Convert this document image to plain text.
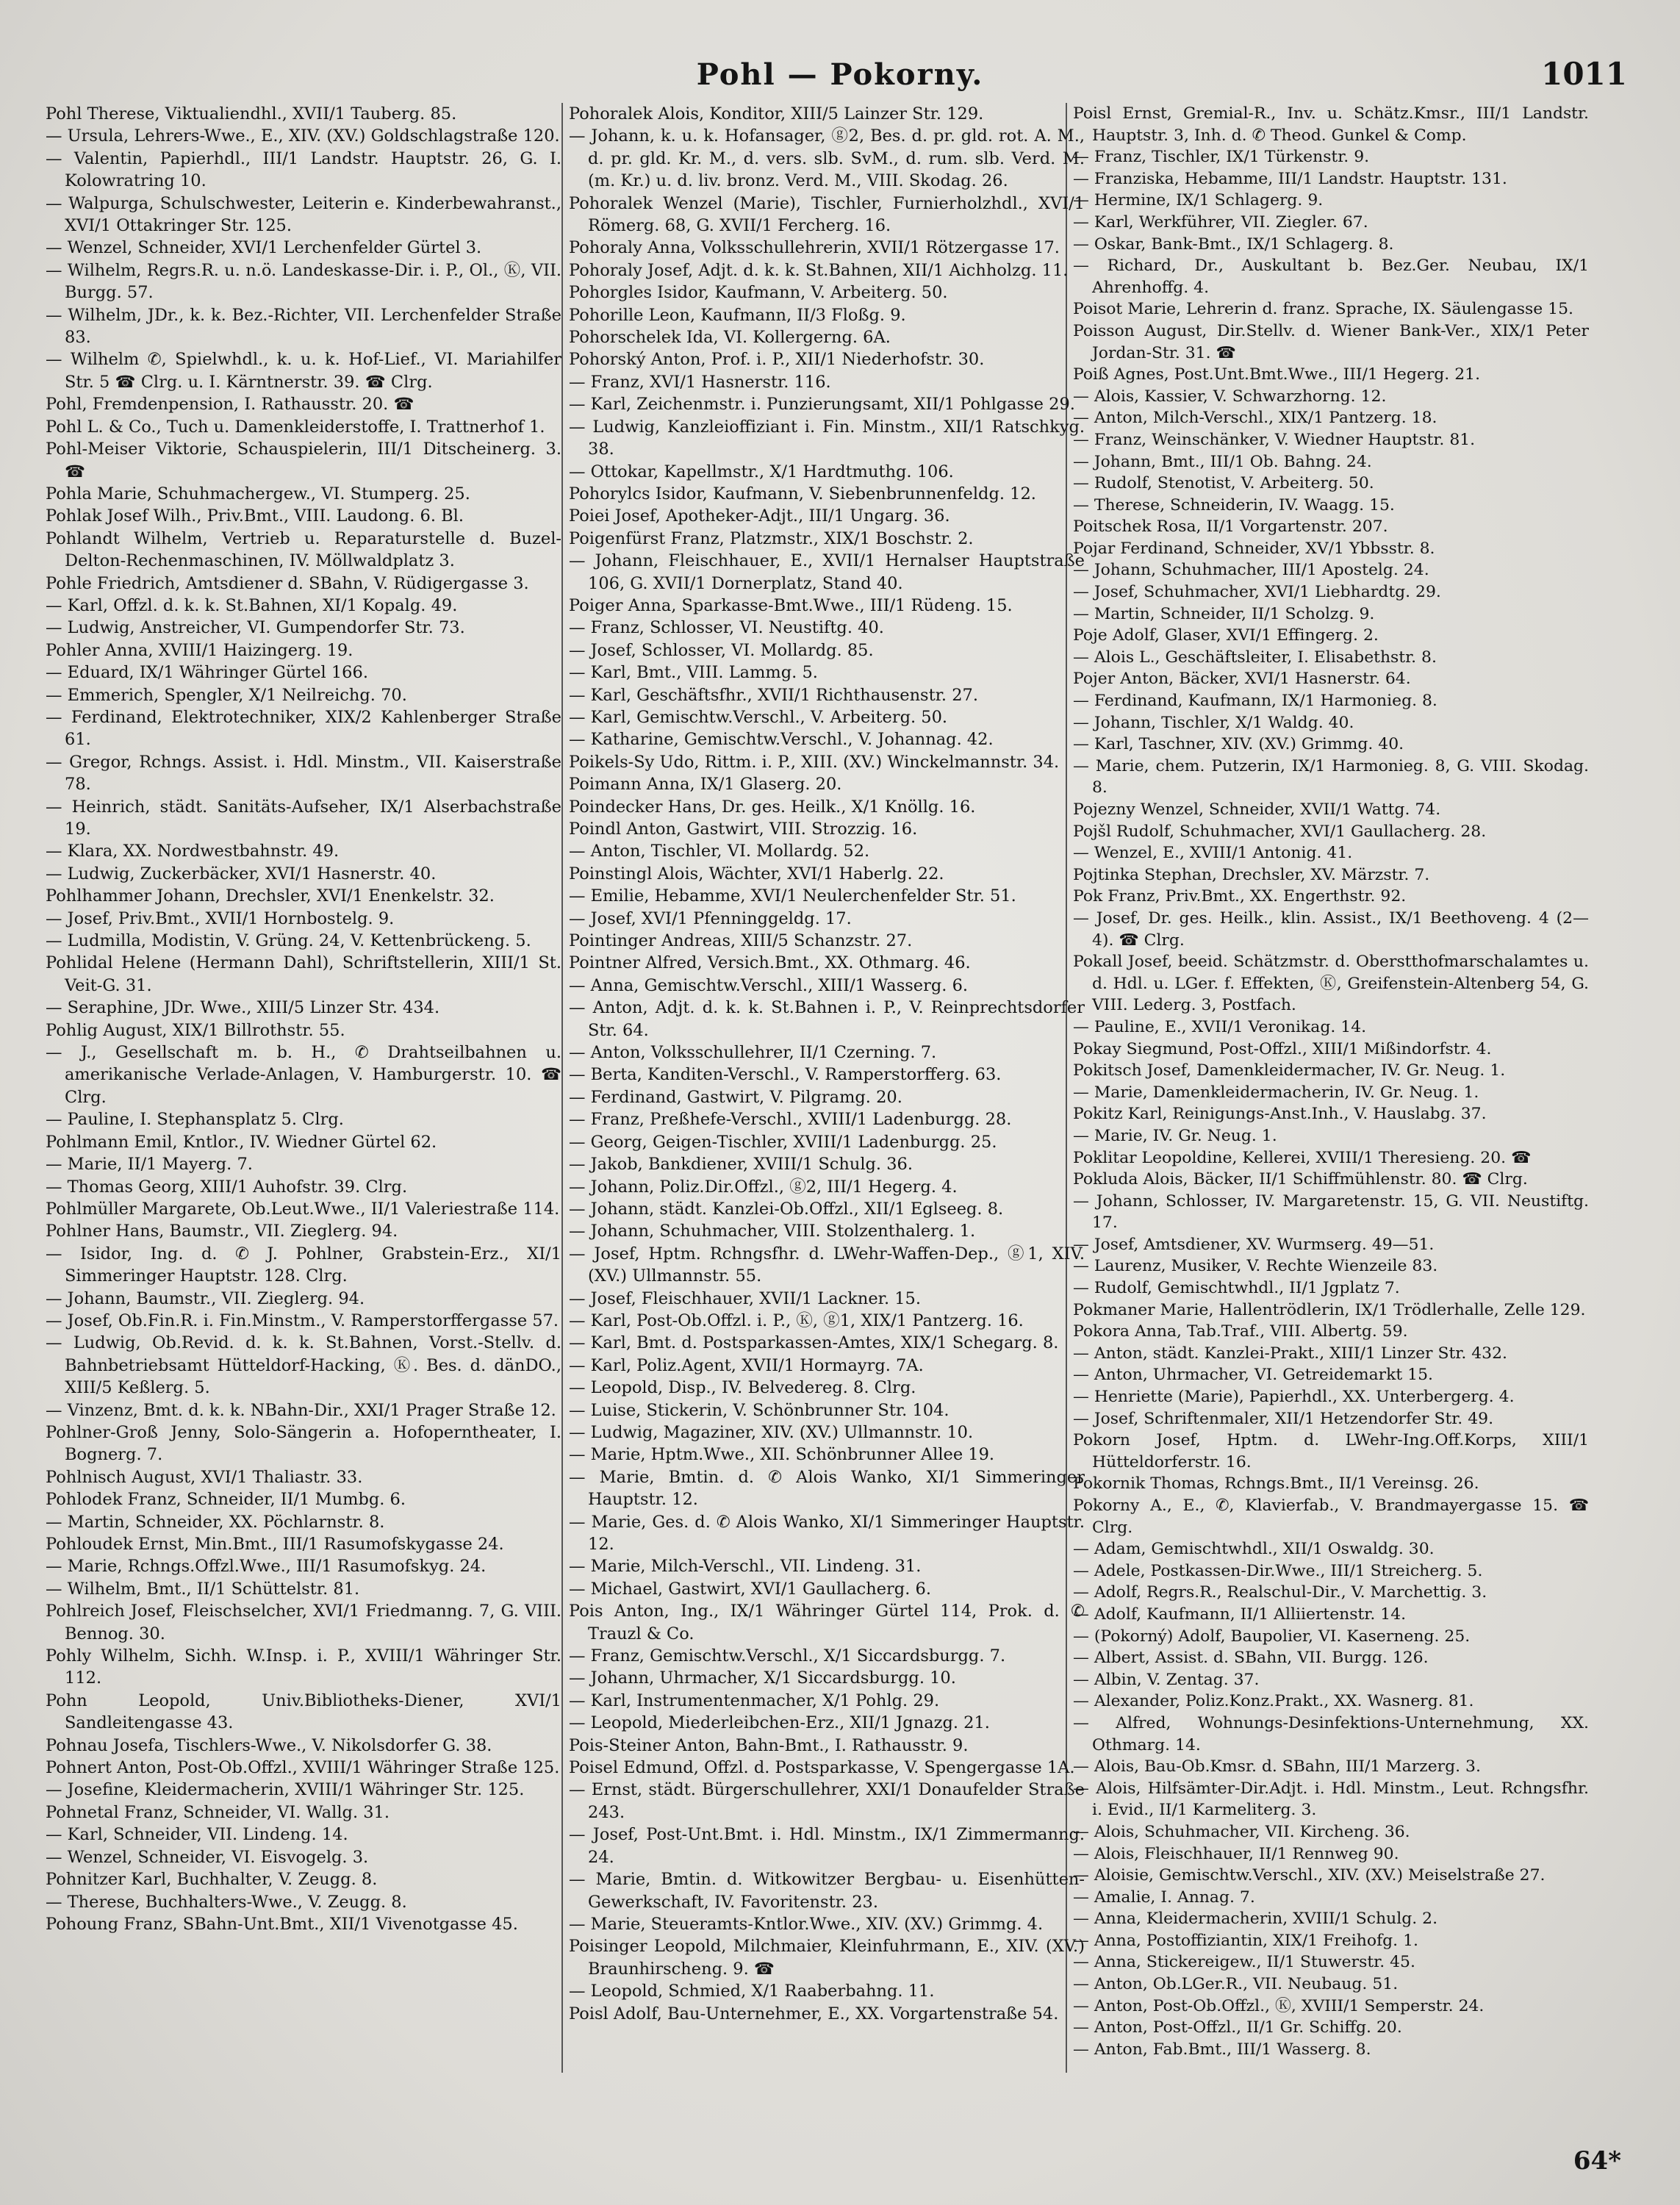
Pohl — Pokorny.	1011

Pohl Therese, Viktualiendhl., XVII/1 Tauberg. 85.

— Ursula, Lehrers-Wwe., E., XIV. (XV.) Goldschlagstraße 120.

— Valentin, Papierhdl., III/1 Landstr. Hauptstr. 26, G. I. Kolowratring 10.

— Walpurga, Schulschwester, Leiterin e. Kinderbewahranst., XVI/1 Ottakringer Str. 125.

— Wenzel, Schneider, XVI/1 Lerchenfelder Gürtel 3.

— Wilhelm, Regrs.R. u. n.ö. Landeskasse-Dir. i. P., Ol., Ⓚ, VII. Burgg. 57.

— Wilhelm, JDr., k. k. Bez.-Richter, VII. Lerchenfelder Straße 83.

— Wilhelm ✆, Spielwhdl., k. u. k. Hof-Lief., VI. Mariahilfer Str. 5 ☎ Clrg. u. I. Kärntnerstr. 39. ☎ Clrg.

Pohl, Fremdenpension, I. Rathausstr. 20. ☎

Pohl L. & Co., Tuch u. Damenkleiderstoffe, I. Trattnerhof 1.

Pohl-Meiser Viktorie, Schauspielerin, III/1 Ditscheinerg. 3. ☎

Pohla Marie, Schuhmachergew., VI. Stumperg. 25.

Pohlak Josef Wilh., Priv.Bmt., VIII. Laudong. 6. Bl.

Pohlandt Wilhelm, Vertrieb u. Reparaturstelle d. Buzel-Delton-Rechenmaschinen, IV. Möllwaldplatz 3.

Pohle Friedrich, Amtsdiener d. SBahn, V. Rüdigergasse 3.

— Karl, Offzl. d. k. k. St.Bahnen, XI/1 Kopalg. 49.

— Ludwig, Anstreicher, VI. Gumpendorfer Str. 73.

Pohler Anna, XVIII/1 Haizingerg. 19.

— Eduard, IX/1 Währinger Gürtel 166.

— Emmerich, Spengler, X/1 Neilreichg. 70.

— Ferdinand, Elektrotechniker, XIX/2 Kahlenberger Straße 61.

— Gregor, Rchngs. Assist. i. Hdl. Minstm., VII. Kaiserstraße 78.

— Heinrich, städt. Sanitäts-Aufseher, IX/1 Alserbachstraße 19.

— Klara, XX. Nordwestbahnstr. 49.

— Ludwig, Zuckerbäcker, XVI/1 Hasnerstr. 40.

Pohlhammer Johann, Drechsler, XVI/1 Enenkelstr. 32.

— Josef, Priv.Bmt., XVII/1 Hornbostelg. 9.

— Ludmilla, Modistin, V. Grüng. 24, V. Kettenbrückeng. 5.

Pohlidal Helene (Hermann Dahl), Schriftstellerin, XIII/1 St. Veit-G. 31.

— Seraphine, JDr. Wwe., XIII/5 Linzer Str. 434.

Pohlig August, XIX/1 Billrothstr. 55.

— J., Gesellschaft m. b. H., ✆ Drahtseilbahnen u. amerikanische Verlade-Anlagen, V. Hamburgerstr. 10. ☎ Clrg.

— Pauline, I. Stephansplatz 5. Clrg.

Pohlmann Emil, Kntlor., IV. Wiedner Gürtel 62.

— Marie, II/1 Mayerg. 7.

— Thomas Georg, XIII/1 Auhofstr. 39. Clrg.

Pohlmüller Margarete, Ob.Leut.Wwe., II/1 Valeriestraße 114.

Pohlner Hans, Baumstr., VII. Zieglerg. 94.

— Isidor, Ing. d. ✆ J. Pohlner, Grabstein-Erz., XI/1 Simmeringer Hauptstr. 128. Clrg.

— Johann, Baumstr., VII. Zieglerg. 94.

— Josef, Ob.Fin.R. i. Fin.Minstm., V. Ramperstorffergasse 57.

— Ludwig, Ob.Revid. d. k. k. St.Bahnen, Vorst.-Stellv. d. Bahnbetriebsamt Hütteldorf-Hacking, Ⓚ. Bes. d. dänDO., XIII/5 Keßlerg. 5.

— Vinzenz, Bmt. d. k. k. NBahn-Dir., XXI/1 Prager Straße 12.

Pohlner-Groß Jenny, Solo-Sängerin a. Hofoperntheater, I. Bognerg. 7.

Pohlnisch August, XVI/1 Thaliastr. 33.

Pohlodek Franz, Schneider, II/1 Mumbg. 6.

— Martin, Schneider, XX. Pöchlarnstr. 8.

Pohloudek Ernst, Min.Bmt., III/1 Rasumofskygasse 24.

— Marie, Rchngs.Offzl.Wwe., III/1 Rasumofskyg. 24.

— Wilhelm, Bmt., II/1 Schüttelstr. 81.

Pohlreich Josef, Fleischselcher, XVI/1 Friedmanng. 7, G. VIII. Bennog. 30.

Pohly Wilhelm, Sichh. W.Insp. i. P., XVIII/1 Währinger Str. 112.

Pohn Leopold, Univ.Bibliotheks-Diener, XVI/1 Sandleitengasse 43.

Pohnau Josefa, Tischlers-Wwe., V. Nikolsdorfer G. 38.

Pohnert Anton, Post-Ob.Offzl., XVIII/1 Währinger Straße 125.

— Josefine, Kleidermacherin, XVIII/1 Währinger Str. 125.

Pohnetal Franz, Schneider, VI. Wallg. 31.

— Karl, Schneider, VII. Lindeng. 14.

— Wenzel, Schneider, VI. Eisvogelg. 3.

Pohnitzer Karl, Buchhalter, V. Zeugg. 8.

— Therese, Buchhalters-Wwe., V. Zeugg. 8.

Pohoung Franz, SBahn-Unt.Bmt., XII/1 Vivenotgasse 45.

Pohoralek Alois, Konditor, XIII/5 Lainzer Str. 129.

— Johann, k. u. k. Hofansager, ⓖ2, Bes. d. pr. gld. rot. A. M., d. pr. gld. Kr. M., d. vers. slb. SvM., d. rum. slb. Verd. M. (m. Kr.) u. d. liv. bronz. Verd. M., VIII. Skodag. 26.

Pohoralek Wenzel (Marie), Tischler, Furnierholzhdl., XVI/1 Römerg. 68, G. XVII/1 Fercherg. 16.

Pohoraly Anna, Volksschullehrerin, XVII/1 Rötzergasse 17.

Pohoraly Josef, Adjt. d. k. k. St.Bahnen, XII/1 Aichholzg. 11.

Pohorgles Isidor, Kaufmann, V. Arbeiterg. 50.

Pohorille Leon, Kaufmann, II/3 Floßg. 9.

Pohorschelek Ida, VI. Kollergerng. 6A.

Pohorský Anton, Prof. i. P., XII/1 Niederhofstr. 30.

— Franz, XVI/1 Hasnerstr. 116.

— Karl, Zeichenmstr. i. Punzierungsamt, XII/1 Pohlgasse 29.

— Ludwig, Kanzleioffiziant i. Fin. Minstm., XII/1 Ratschkyg. 38.

— Ottokar, Kapellmstr., X/1 Hardtmuthg. 106.

Pohorylcs Isidor, Kaufmann, V. Siebenbrunnenfeldg. 12.

Poiei Josef, Apotheker-Adjt., III/1 Ungarg. 36.

Poigenfürst Franz, Platzmstr., XIX/1 Boschstr. 2.

— Johann, Fleischhauer, E., XVII/1 Hernalser Hauptstraße 106, G. XVII/1 Dornerplatz, Stand 40.

Poiger Anna, Sparkasse-Bmt.Wwe., III/1 Rüdeng. 15.

— Franz, Schlosser, VI. Neustiftg. 40.

— Josef, Schlosser, VI. Mollardg. 85.

— Karl, Bmt., VIII. Lammg. 5.

— Karl, Geschäftsfhr., XVII/1 Richthausenstr. 27.

— Karl, Gemischtw.Verschl., V. Arbeiterg. 50.

— Katharine, Gemischtw.Verschl., V. Johannag. 42.

Poikels-Sy Udo, Rittm. i. P., XIII. (XV.) Winckelmannstr. 34.

Poimann Anna, IX/1 Glaserg. 20.

Poindecker Hans, Dr. ges. Heilk., X/1 Knöllg. 16.

Poindl Anton, Gastwirt, VIII. Strozzig. 16.

— Anton, Tischler, VI. Mollardg. 52.

Poinstingl Alois, Wächter, XVI/1 Haberlg. 22.

— Emilie, Hebamme, XVI/1 Neulerchenfelder Str. 51.

— Josef, XVI/1 Pfenninggeldg. 17.

Pointinger Andreas, XIII/5 Schanzstr. 27.

Pointner Alfred, Versich.Bmt., XX. Othmarg. 46.

— Anna, Gemischtw.Verschl., XIII/1 Wasserg. 6.

— Anton, Adjt. d. k. k. St.Bahnen i. P., V. Reinprechtsdorfer Str. 64.

— Anton, Volksschullehrer, II/1 Czerning. 7.

— Berta, Kanditen-Verschl., V. Ramperstorfferg. 63.

— Ferdinand, Gastwirt, V. Pilgramg. 20.

— Franz, Preßhefe-Verschl., XVIII/1 Ladenburgg. 28.

— Georg, Geigen-Tischler, XVIII/1 Ladenburgg. 25.

— Jakob, Bankdiener, XVIII/1 Schulg. 36.

— Johann, Poliz.Dir.Offzl., ⓖ2, III/1 Hegerg. 4.

— Johann, städt. Kanzlei-Ob.Offzl., XII/1 Eglseeg. 8.

— Johann, Schuhmacher, VIII. Stolzenthalerg. 1.

— Josef, Hptm. Rchngsfhr. d. LWehr-Waffen-Dep., ⓖ1, XIV. (XV.) Ullmannstr. 55.

— Josef, Fleischhauer, XVII/1 Lackner. 15.

— Karl, Post-Ob.Offzl. i. P., Ⓚ, ⓖ1, XIX/1 Pantzerg. 16.

— Karl, Bmt. d. Postsparkassen-Amtes, XIX/1 Schegarg. 8.

— Karl, Poliz.Agent, XVII/1 Hormayrg. 7A.

— Leopold, Disp., IV. Belvedereg. 8. Clrg.

— Luise, Stickerin, V. Schönbrunner Str. 104.

— Ludwig, Magaziner, XIV. (XV.) Ullmannstr. 10.

— Marie, Hptm.Wwe., XII. Schönbrunner Allee 19.

— Marie, Bmtin. d. ✆ Alois Wanko, XI/1 Simmeringer Hauptstr. 12.

— Marie, Ges. d. ✆ Alois Wanko, XI/1 Simmeringer Hauptstr. 12.

— Marie, Milch-Verschl., VII. Lindeng. 31.

— Michael, Gastwirt, XVI/1 Gaullacherg. 6.

Pois Anton, Ing., IX/1 Währinger Gürtel 114, Prok. d. ✆ Trauzl & Co.

— Franz, Gemischtw.Verschl., X/1 Siccardsburgg. 7.

— Johann, Uhrmacher, X/1 Siccardsburgg. 10.

— Karl, Instrumentenmacher, X/1 Pohlg. 29.

— Leopold, Miederleibchen-Erz., XII/1 Jgnazg. 21.

Pois-Steiner Anton, Bahn-Bmt., I. Rathausstr. 9.

Poisel Edmund, Offzl. d. Postsparkasse, V. Spengergasse 1A.

— Ernst, städt. Bürgerschullehrer, XXI/1 Donaufelder Straße 243.

— Josef, Post-Unt.Bmt. i. Hdl. Minstm., IX/1 Zimmermanng. 24.

— Marie, Bmtin. d. Witkowitzer Bergbau- u. Eisenhütten-Gewerkschaft, IV. Favoritenstr. 23.

— Marie, Steueramts-Kntlor.Wwe., XIV. (XV.) Grimmg. 4.

Poisinger Leopold, Milchmaier, Kleinfuhrmann, E., XIV. (XV.) Braunhirscheng. 9. ☎

— Leopold, Schmied, X/1 Raaberbahng. 11.

Poisl Adolf, Bau-Unternehmer, E., XX. Vorgartenstraße 54.

Poisl Ernst, Gremial-R., Inv. u. Schätz.Kmsr., III/1 Landstr. Hauptstr. 3, Inh. d. ✆ Theod. Gunkel & Comp.

— Franz, Tischler, IX/1 Türkenstr. 9.

— Franziska, Hebamme, III/1 Landstr. Hauptstr. 131.

— Hermine, IX/1 Schlagerg. 9.

— Karl, Werkführer, VII. Ziegler. 67.

— Oskar, Bank-Bmt., IX/1 Schlagerg. 8.

— Richard, Dr., Auskultant b. Bez.Ger. Neubau, IX/1 Ahrenhoffg. 4.

Poisot Marie, Lehrerin d. franz. Sprache, IX. Säulengasse 15.

Poisson August, Dir.Stellv. d. Wiener Bank-Ver., XIX/1 Peter Jordan-Str. 31. ☎

Poiß Agnes, Post.Unt.Bmt.Wwe., III/1 Hegerg. 21.

— Alois, Kassier, V. Schwarzhorng. 12.

— Anton, Milch-Verschl., XIX/1 Pantzerg. 18.

— Franz, Weinschänker, V. Wiedner Hauptstr. 81.

— Johann, Bmt., III/1 Ob. Bahng. 24.

— Rudolf, Stenotist, V. Arbeiterg. 50.

— Therese, Schneiderin, IV. Waagg. 15.

Poitschek Rosa, II/1 Vorgartenstr. 207.

Pojar Ferdinand, Schneider, XV/1 Ybbsstr. 8.

— Johann, Schuhmacher, III/1 Apostelg. 24.

— Josef, Schuhmacher, XVI/1 Liebhardtg. 29.

— Martin, Schneider, II/1 Scholzg. 9.

Poje Adolf, Glaser, XVI/1 Effingerg. 2.

— Alois L., Geschäftsleiter, I. Elisabethstr. 8.

Pojer Anton, Bäcker, XVI/1 Hasnerstr. 64.

— Ferdinand, Kaufmann, IX/1 Harmonieg. 8.

— Johann, Tischler, X/1 Waldg. 40.

— Karl, Taschner, XIV. (XV.) Grimmg. 40.

— Marie, chem. Putzerin, IX/1 Harmonieg. 8, G. VIII. Skodag. 8.

Pojezny Wenzel, Schneider, XVII/1 Wattg. 74.

Pojšl Rudolf, Schuhmacher, XVI/1 Gaullacherg. 28.

— Wenzel, E., XVIII/1 Antonig. 41.

Pojtinka Stephan, Drechsler, XV. Märzstr. 7.

Pok Franz, Priv.Bmt., XX. Engerthstr. 92.

— Josef, Dr. ges. Heilk., klin. Assist., IX/1 Beethoveng. 4 (2—4). ☎ Clrg.

Pokall Josef, beeid. Schätzmstr. d. Oberstthofmarschalamtes u. d. Hdl. u. LGer. f. Effekten, Ⓚ, Greifenstein-Altenberg 54, G. VIII. Lederg. 3, Postfach.

— Pauline, E., XVII/1 Veronikag. 14.

Pokay Siegmund, Post-Offzl., XIII/1 Mißindorfstr. 4.

Pokitsch Josef, Damenkleidermacher, IV. Gr. Neug. 1.

— Marie, Damenkleidermacherin, IV. Gr. Neug. 1.

Pokitz Karl, Reinigungs-Anst.Inh., V. Hauslabg. 37.

— Marie, IV. Gr. Neug. 1.

Poklitar Leopoldine, Kellerei, XVIII/1 Theresieng. 20. ☎

Pokluda Alois, Bäcker, II/1 Schiffmühlenstr. 80. ☎ Clrg.

— Johann, Schlosser, IV. Margaretenstr. 15, G. VII. Neustiftg. 17.

— Josef, Amtsdiener, XV. Wurmserg. 49—51.

— Laurenz, Musiker, V. Rechte Wienzeile 83.

— Rudolf, Gemischtwhdl., II/1 Jgplatz 7.

Pokmaner Marie, Hallentrödlerin, IX/1 Trödlerhalle, Zelle 129.

Pokora Anna, Tab.Traf., VIII. Albertg. 59.

— Anton, städt. Kanzlei-Prakt., XIII/1 Linzer Str. 432.

— Anton, Uhrmacher, VI. Getreidemarkt 15.

— Henriette (Marie), Papierhdl., XX. Unterbergerg. 4.

— Josef, Schriftenmaler, XII/1 Hetzendorfer Str. 49.

Pokorn Josef, Hptm. d. LWehr-Ing.Off.Korps, XIII/1 Hütteldorferstr. 16.

Pokornik Thomas, Rchngs.Bmt., II/1 Vereinsg. 26.

Pokorny A., E., ✆, Klavierfab., V. Brandmayergasse 15. ☎ Clrg.

— Adam, Gemischtwhdl., XII/1 Oswaldg. 30.

— Adele, Postkassen-Dir.Wwe., III/1 Streicherg. 5.

— Adolf, Regrs.R., Realschul-Dir., V. Marchettig. 3.

— Adolf, Kaufmann, II/1 Alliiertenstr. 14.

— (Pokorný) Adolf, Baupolier, VI. Kaserneng. 25.

— Albert, Assist. d. SBahn, VII. Burgg. 126.

— Albin, V. Zentag. 37.

— Alexander, Poliz.Konz.Prakt., XX. Wasnerg. 81.

— Alfred, Wohnungs-Desinfektions-Unternehmung, XX. Othmarg. 14.

— Alois, Bau-Ob.Kmsr. d. SBahn, III/1 Marzerg. 3.

— Alois, Hilfsämter-Dir.Adjt. i. Hdl. Minstm., Leut. Rchngsfhr. i. Evid., II/1 Karmeliterg. 3.

— Alois, Schuhmacher, VII. Kircheng. 36.

— Alois, Fleischhauer, II/1 Rennweg 90.

— Aloisie, Gemischtw.Verschl., XIV. (XV.) Meiselstraße 27.

— Amalie, I. Annag. 7.

— Anna, Kleidermacherin, XVIII/1 Schulg. 2.

— Anna, Postoffiziantin, XIX/1 Freihofg. 1.

— Anna, Stickereigew., II/1 Stuwerstr. 45.

— Anton, Ob.LGer.R., VII. Neubaug. 51.

— Anton, Post-Ob.Offzl., Ⓚ, XVIII/1 Semperstr. 24.

— Anton, Post-Offzl., II/1 Gr. Schiffg. 20.

— Anton, Fab.Bmt., III/1 Wasserg. 8.

64*
